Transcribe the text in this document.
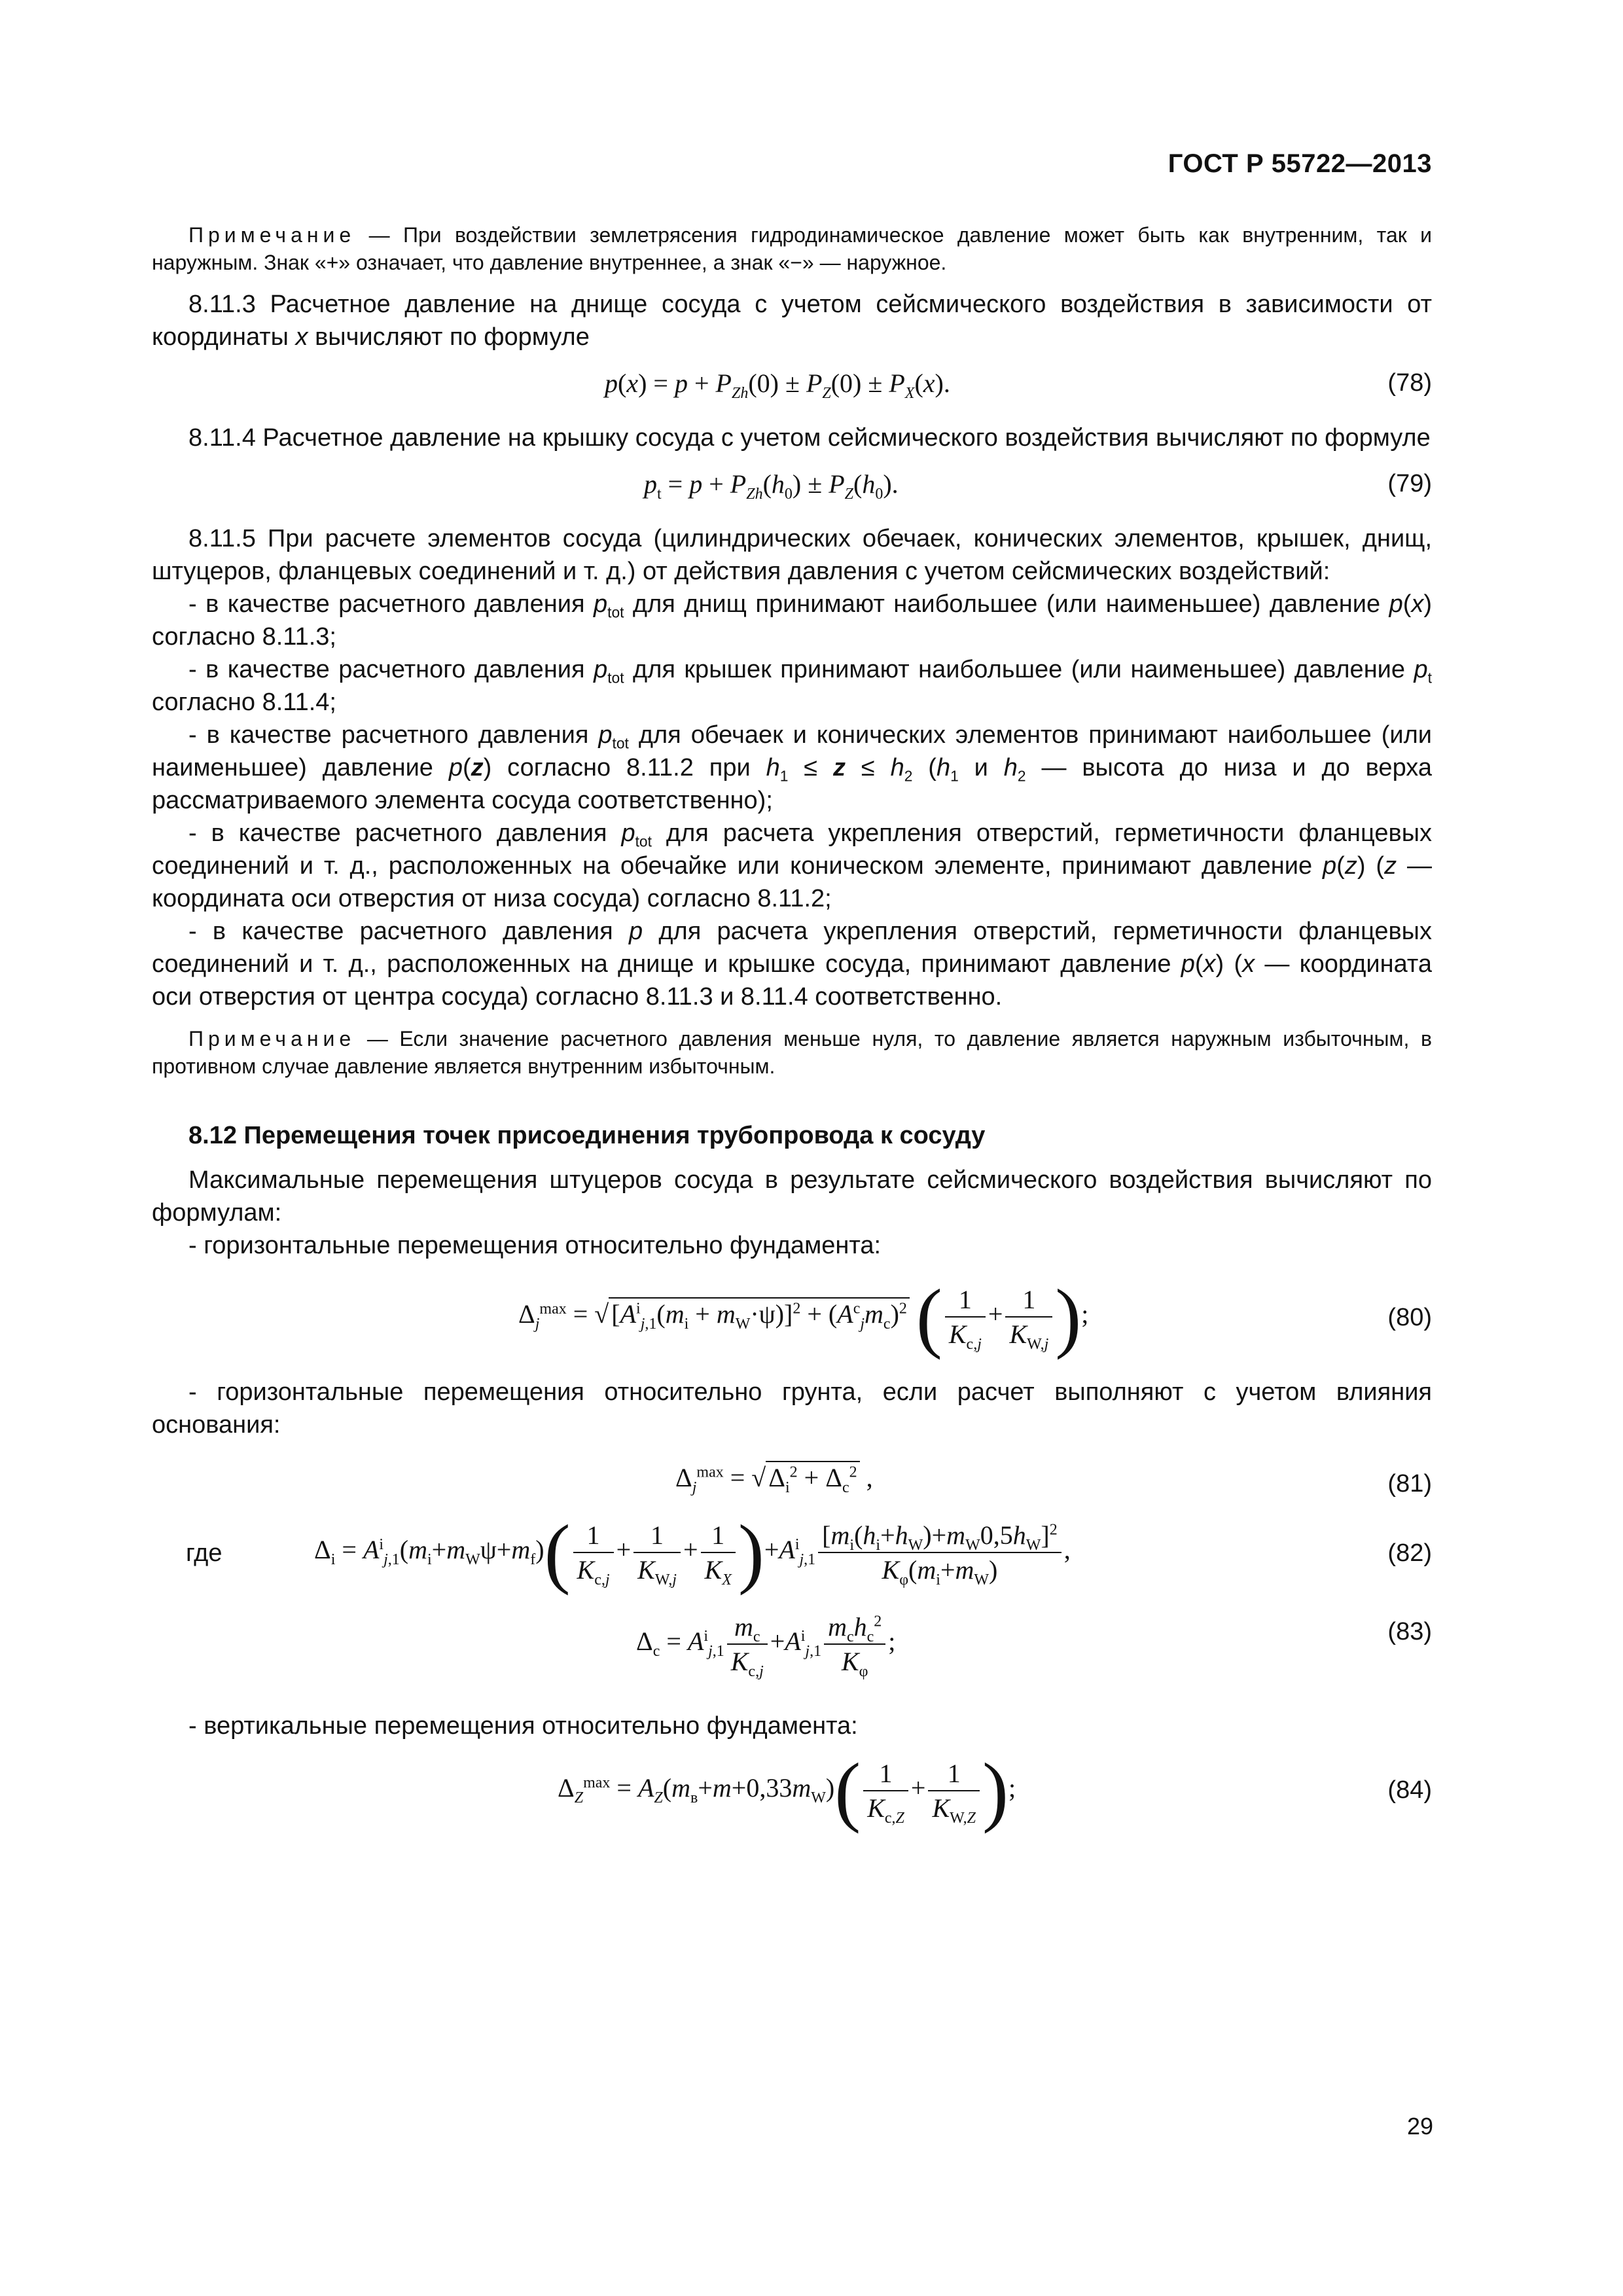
ГОСТ Р 55722—2013
Примечание — При воздействии землетрясения гидродинамическое давление может быть как внутренним, так и наружным. Знак «+» означает, что давление внутреннее, а знак «−» — наружное.

8.11.3 Расчетное давление на днище сосуда с учетом сейсмического воздействия в зависимости от координаты x вычисляют по формуле

$p(x) = p + P_{Zh}(0) \pm P_Z(0) \pm P_X(x)$.	(78)

8.11.4 Расчетное давление на крышку сосуда с учетом сейсмического воздействия вычисляют по формуле

$p_t = p + P_{Zh}(h_0) \pm P_Z(h_0)$.	(79)

8.11.5 При расчете элементов сосуда (цилиндрических обечаек, конических элементов, крышек, днищ, штуцеров, фланцевых соединений и т. д.) от действия давления с учетом сейсмических воздействий:

- в качестве расчетного давления $p_{tot}$ для днищ принимают наибольшее (или наименьшее) давление p(x) согласно 8.11.3;

- в качестве расчетного давления $p_{tot}$ для крышек принимают наибольшее (или наименьшее) давление $p_t$ согласно 8.11.4;

- в качестве расчетного давления $p_{tot}$ для обечаек и конических элементов принимают наибольшее (или наименьшее) давление p(z) согласно 8.11.2 при $h_1 \le z \le h_2$ ($h_1$ и $h_2$ — высота до низа и до верха рассматриваемого элемента сосуда соответственно);

- в качестве расчетного давления $p_{tot}$ для расчета укрепления отверстий, герметичности фланцевых соединений и т. д., расположенных на обечайке или коническом элементе, принимают давление p(z) (z — координата оси отверстия от низа сосуда) согласно 8.11.2;

- в качестве расчетного давления p для расчета укрепления отверстий, герметичности фланцевых соединений и т. д., расположенных на днище и крышке сосуда, принимают давление p(x) (x — координата оси отверстия от центра сосуда) согласно 8.11.3 и 8.11.4 соответственно.

Примечание — Если значение расчетного давления меньше нуля, то давление является наружным избыточным, в противном случае давление является внутренним избыточным.
8.12 Перемещения точек присоединения трубопровода к сосуду

Максимальные перемещения штуцеров сосуда в результате сейсмического воздействия вычисляют по формулам:

- горизонтальные перемещения относительно фундамента:

$\Delta_j^{max}$ = √ $[A^i_{j,1}(m_i + m_W\cdot\psi)]^2 + (A^c_jm_c)^2$ ( $\frac{1}{K_{c,j}} + \frac{1}{K_{W,j}}$ );	(80)

- горизонтальные перемещения относительно грунта, если расчет выполняют с учетом влияния основания:

$\Delta_j^{max}$ = √ $\Delta_i^2 + \Delta_c^2$ ,	(81)
где	$\Delta_i = A^i_{j,1}(m_i+m_W\psi+m_f)( \frac{1}{K_{c,j}} + \frac{1}{K_{W,j}} + \frac{1}{K_X} )+A^i_{j,1} \frac{[m_i(h_i+h_W)+m_W0,5h_W]^2}{K_\varphi(m_i+m_W)}$ ,	(82)
$\Delta_c = A^i_{j,1} \frac{m_c}{K_{c,j}} +A^i_{j,1} \frac{m_ch_c^2}{K_\varphi}$ ;	(83)

- вертикальные перемещения относительно фундамента:

$\Delta_Z^{max} = A_Z(m_в+m+0,33m_W)( \frac{1}{K_{c,Z}} + \frac{1}{K_{W,Z}}$ );	(84)
29
